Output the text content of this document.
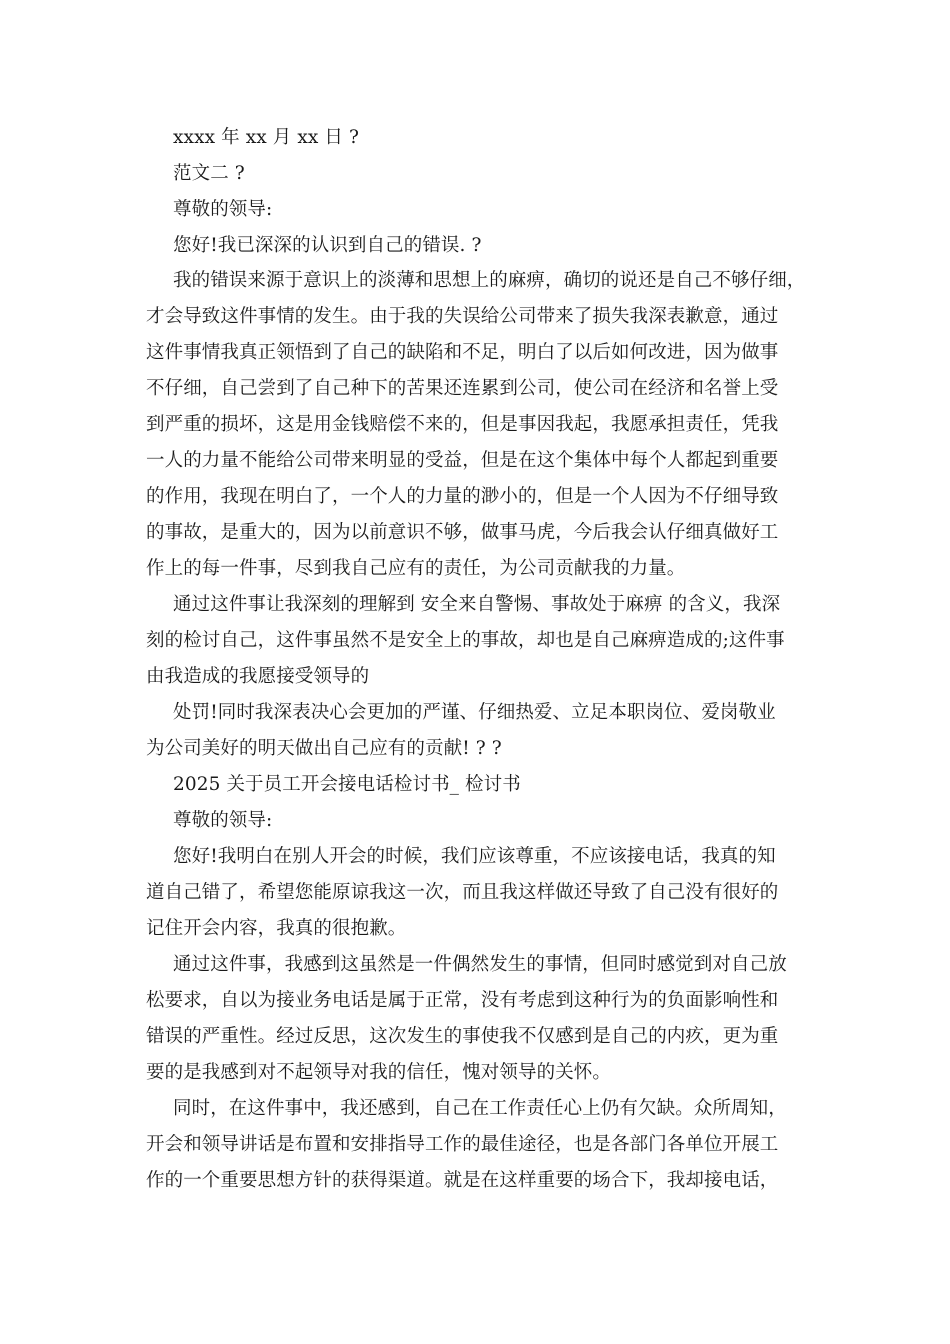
xxxx 年 xx 月 xx 日 ?
范文二 ?
尊敬的领导:
您好!我已深深的认识到自己的错误. ?
我的错误来源于意识上的淡薄和思想上的麻痹，确切的说还是自己不够仔细，
才会导致这件事情的发生。由于我的失误给公司带来了损失我深表歉意，通过
这件事情我真正领悟到了自己的缺陷和不足，明白了以后如何改进，因为做事
不仔细，自己尝到了自己种下的苦果还连累到公司，使公司在经济和名誉上受
到严重的损坏，这是用金钱赔偿不来的，但是事因我起，我愿承担责任，凭我
一人的力量不能给公司带来明显的受益，但是在这个集体中每个人都起到重要
的作用，我现在明白了，一个人的力量的渺小的，但是一个人因为不仔细导致
的事故，是重大的，因为以前意识不够，做事马虎，今后我会认仔细真做好工
作上的每一件事，尽到我自己应有的责任，为公司贡献我的力量。
通过这件事让我深刻的理解到 安全来自警惕、事故处于麻痹 的含义，我深
刻的检讨自己，这件事虽然不是安全上的事故，却也是自己麻痹造成的;这件事
由我造成的我愿接受领导的
处罚!同时我深表决心会更加的严谨、仔细热爱、立足本职岗位、爱岗敬业
为公司美好的明天做出自己应有的贡献! ? ?
2025 关于员工开会接电话检讨书_ 检讨书
尊敬的领导:
您好!我明白在别人开会的时候，我们应该尊重，不应该接电话，我真的知
道自己错了，希望您能原谅我这一次，而且我这样做还导致了自己没有很好的
记住开会内容，我真的很抱歉。
通过这件事，我感到这虽然是一件偶然发生的事情，但同时感觉到对自己放
松要求，自以为接业务电话是属于正常，没有考虑到这种行为的负面影响性和
错误的严重性。经过反思，这次发生的事使我不仅感到是自己的内疚，更为重
要的是我感到对不起领导对我的信任，愧对领导的关怀。
同时，在这件事中，我还感到，自己在工作责任心上仍有欠缺。众所周知，
开会和领导讲话是布置和安排指导工作的最佳途径，也是各部门各单位开展工
作的一个重要思想方针的获得渠道。就是在这样重要的场合下，我却接电话，
